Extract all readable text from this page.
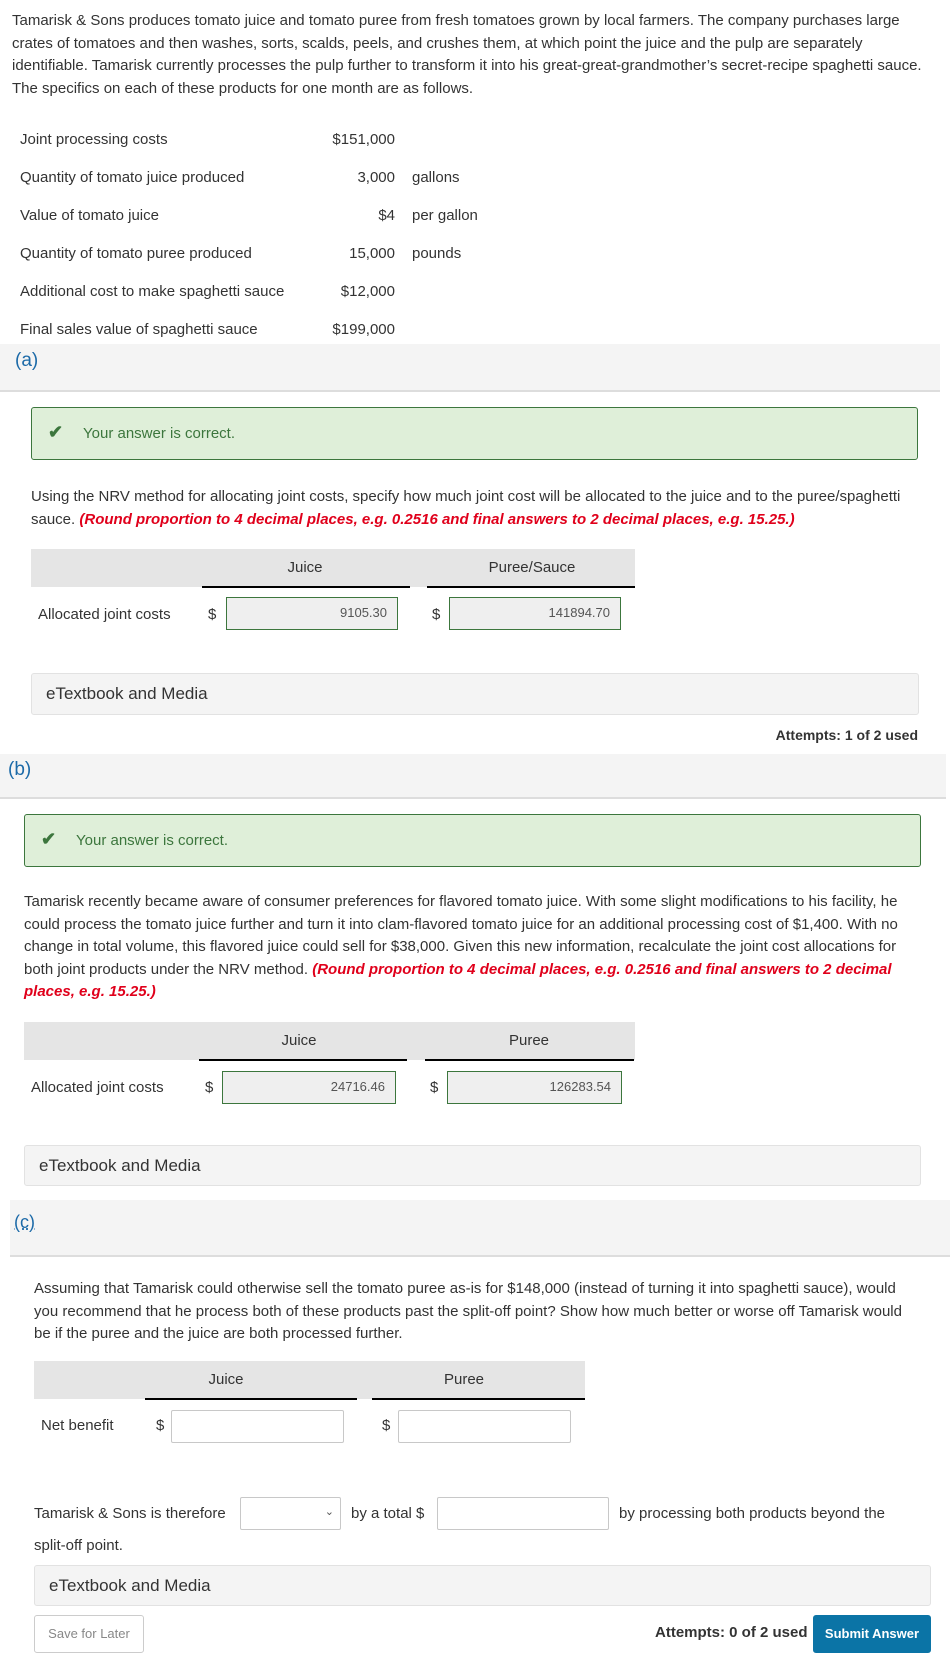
Tamarisk & Sons produces tomato juice and tomato puree from fresh tomatoes grown by local farmers. The company purchases large crates of tomatoes and then washes, sorts, scalds, peels, and crushes them, at which point the juice and the pulp are separately identifiable. Tamarisk currently processes the pulp further to transform it into his great-great-grandmother’s secret-recipe spaghetti sauce. The specifics on each of these products for one month are as follows.
Joint processing costs	$151,000
Quantity of tomato juice produced	3,000 gallons
Value of tomato juice	$4 per gallon
Quantity of tomato puree produced	15,000 pounds
Additional cost to make spaghetti sauce	$12,000
Final sales value of spaghetti sauce	$199,000
(a)
✔ Your answer is correct.
Using the NRV method for allocating joint costs, specify how much joint cost will be allocated to the juice and to the puree/spaghetti sauce. (Round proportion to 4 decimal places, e.g. 0.2516 and final answers to 2 decimal places, e.g. 15.25.)
Juice	Puree/Sauce
Allocated joint costs $	9105.30	$	141894.70
eTextbook and Media
Attempts: 1 of 2 used
(b)
✔ Your answer is correct.
Tamarisk recently became aware of consumer preferences for flavored tomato juice. With some slight modifications to his facility, he could process the tomato juice further and turn it into clam-flavored tomato juice for an additional processing cost of $1,400. With no change in total volume, this flavored juice could sell for $38,000. Given this new information, recalculate the joint cost allocations for both joint products under the NRV method. (Round proportion to 4 decimal places, e.g. 0.2516 and final answers to 2 decimal places, e.g. 15.25.)
Juice	Puree
Allocated joint costs	$	24716.46	$	126283.54
eTextbook and Media
(c)
Assuming that Tamarisk could otherwise sell the tomato puree as-is for $148,000 (instead of turning it into spaghetti sauce), would you recommend that he process both of these products past the split-off point? Show how much better or worse off Tamarisk would be if the puree and the juice are both processed further.
Juice	Puree
Net benefit	$	$
Tamarisk & Sons is therefore	⌄ by a total $	by processing both products beyond the
split-off point.
eTextbook and Media
Save for Later	Attempts: 0 of 2 used	Submit Answer
